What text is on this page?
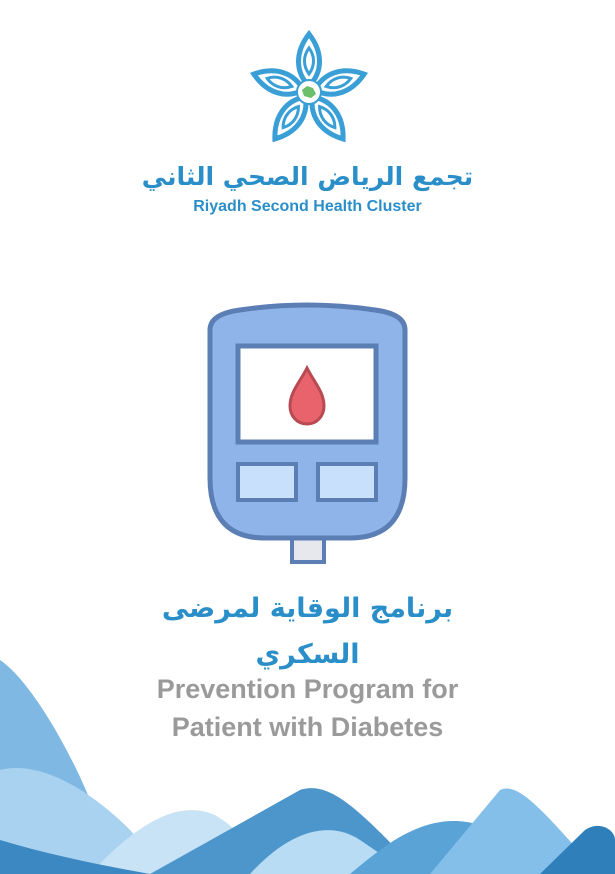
تجمع الرياض الصحي الثاني
Riyadh Second Health Cluster
برنامج الوقاية لمرضى
السكري
Prevention Program for
Patient with Diabetes
